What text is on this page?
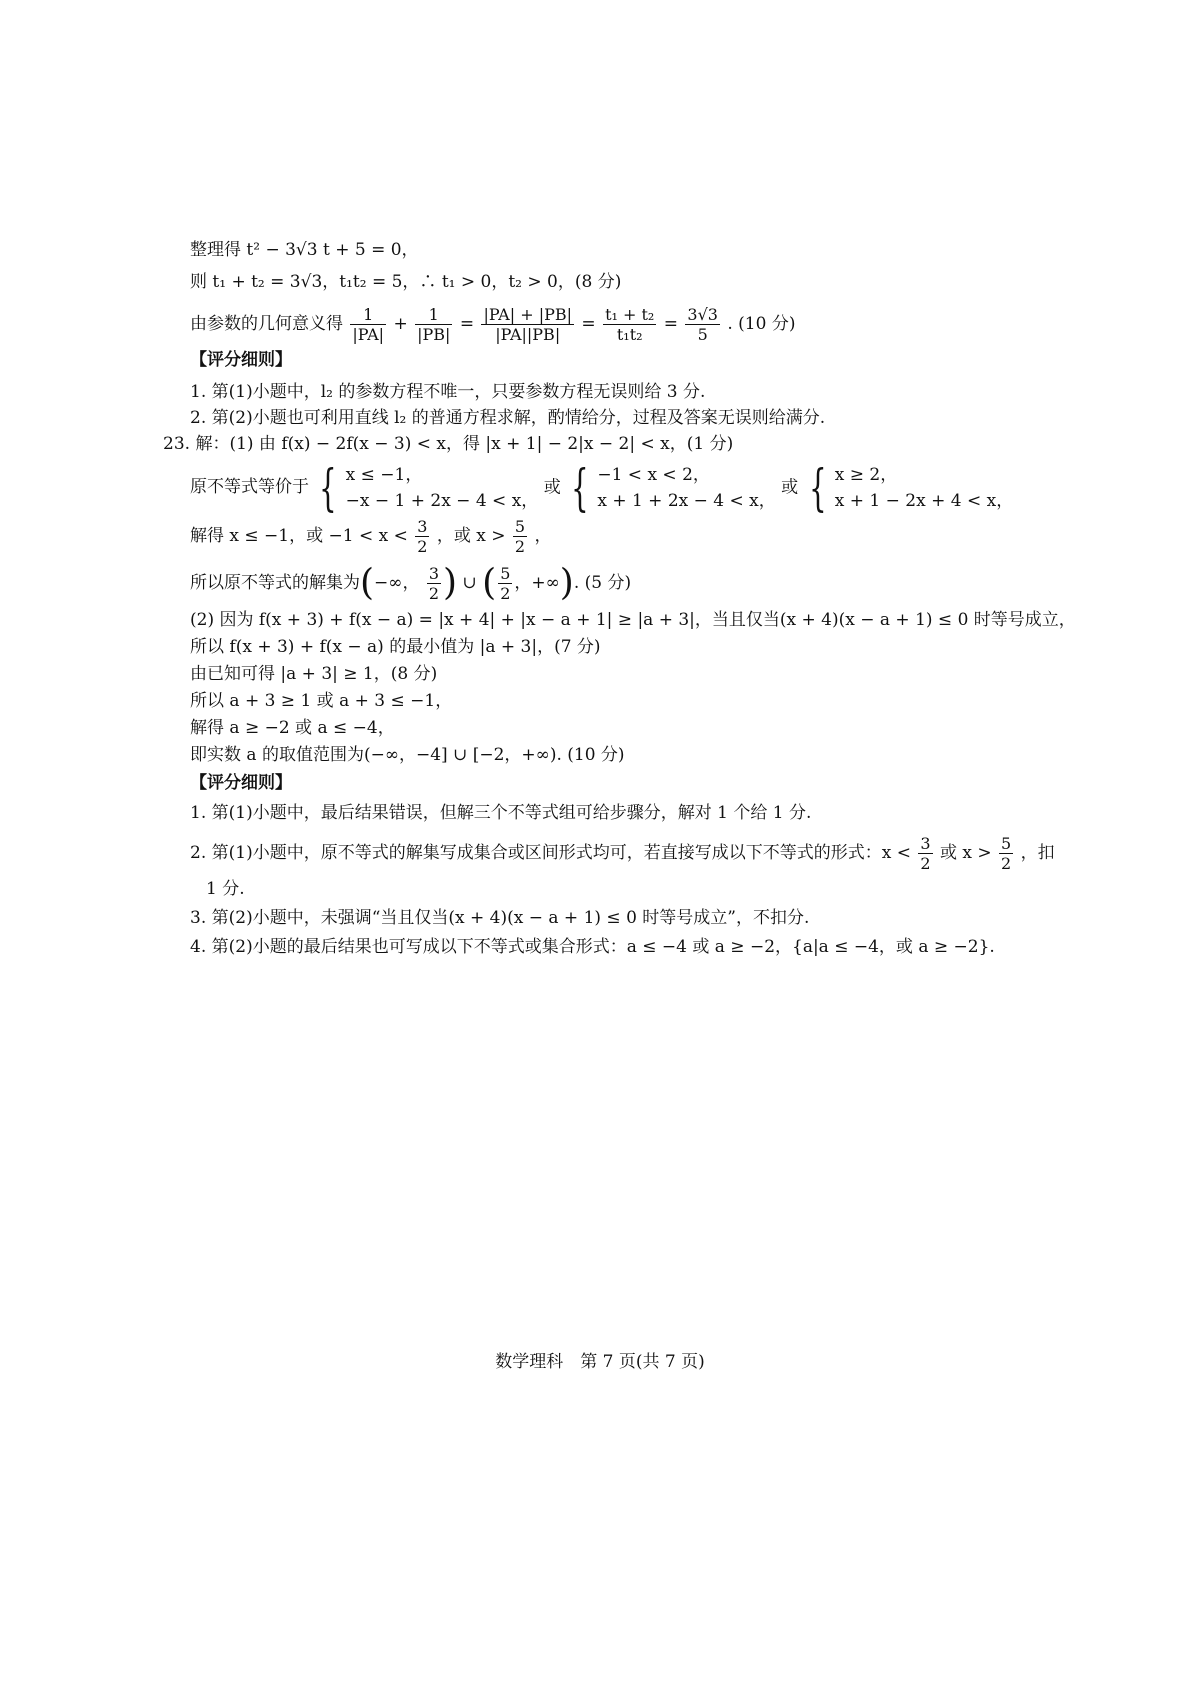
整理得 t² − 3√3 t + 5 = 0，
则 t₁ + t₂ = 3√3，t₁t₂ = 5，∴ t₁ > 0，t₂ > 0，(8 分)
由参数的几何意义得 $\frac{1}{|PA|} + \frac{1}{|PB|} = \frac{|PA| + |PB|}{|PA||PB|} = \frac{\text{t₁ + t₂}}{\text{t₁t₂}} = \frac{3√3}{5}$ . (10 分)
【评分细则】
1. 第(1)小题中，l₂ 的参数方程不唯一，只要参数方程无误则给 3 分.
2. 第(2)小题也可利用直线 l₂ 的普通方程求解，酌情给分，过程及答案无误则给满分.
23. 解：(1) 由 f(x) − 2f(x − 3) < x，得 |x + 1| − 2|x − 2| < x，(1 分)
原不等式等价于 { x ≤ −1，
−x − 1 + 2x − 4 < x，
或 { −1 < x < 2，
x + 1 + 2x − 4 < x，
或 { x ≥ 2，
x + 1 − 2x + 4 < x，
解得 x ≤ −1，或 $-1 < x < \frac{3}{2}$ ，或 $x > \frac{5}{2}$ ，
所以原不等式的解集为(−∞， $\frac{3}{2}$ ) ∪ ( $\frac{5}{2}$ ，+∞). (5 分)
(2) 因为 f(x + 3) + f(x − a) = |x + 4| + |x − a + 1| ≥ |a + 3|，当且仅当(x + 4)(x − a + 1) ≤ 0 时等号成立，
所以 f(x + 3) + f(x − a) 的最小值为 |a + 3|，(7 分)
由已知可得 |a + 3| ≥ 1，(8 分)
所以 a + 3 ≥ 1 或 a + 3 ≤ −1，
解得 a ≥ −2 或 a ≤ −4，
即实数 a 的取值范围为(−∞，−4] ∪ [−2，+∞). (10 分)
【评分细则】
1. 第(1)小题中，最后结果错误，但解三个不等式组可给步骤分，解对 1 个给 1 分.
2. 第(1)小题中，原不等式的解集写成集合或区间形式均可，若直接写成以下不等式的形式：$x < \frac{3}{2}$ 或 $x > \frac{5}{2}$ ，扣
1 分.
3. 第(2)小题中，未强调“当且仅当(x + 4)(x − a + 1) ≤ 0 时等号成立”，不扣分.
4. 第(2)小题的最后结果也可写成以下不等式或集合形式：a ≤ −4 或 a ≥ −2，{a|a ≤ −4，或 a ≥ −2}.
数学理科　第 7 页(共 7 页)
